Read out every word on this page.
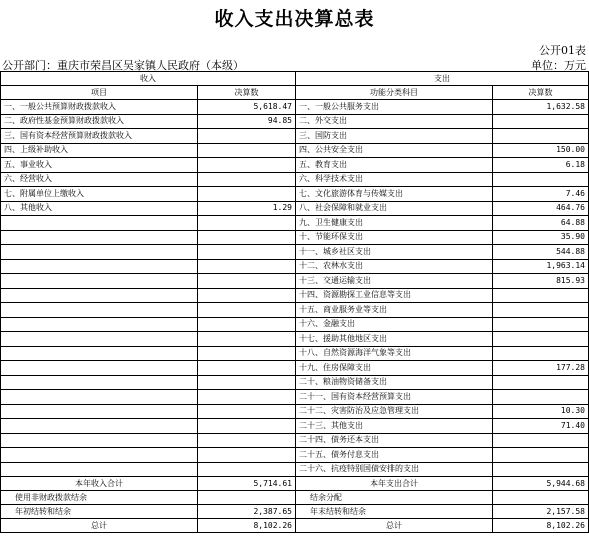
收入支出决算总表
公开01表
公开部门：重庆市荣昌区吴家镇人民政府（本级）	单位：万元
收入		支出	
项目	决算数	功能分类科目	决算数
一、一般公共预算财政拨款收入	5,618.47	一、一般公共服务支出	1,632.58
二、政府性基金预算财政拨款收入	94.85	二、外交支出	
三、国有资本经营预算财政拨款收入		三、国防支出	
四、上级补助收入		四、公共安全支出	150.00
五、事业收入		五、教育支出	6.18
六、经营收入		六、科学技术支出	
七、附属单位上缴收入		七、文化旅游体育与传媒支出	7.46
八、其他收入	1.29	八、社会保障和就业支出	464.76
		九、卫生健康支出	64.88
		十、节能环保支出	35.90
		十一、城乡社区支出	544.88
		十二、农林水支出	1,963.14
		十三、交通运输支出	815.93
		十四、资源勘探工业信息等支出	
		十五、商业服务业等支出	
		十六、金融支出	
		十七、援助其他地区支出	
		十八、自然资源海洋气象等支出	
		十九、住房保障支出	177.28
		二十、粮油物资储备支出	
		二十一、国有资本经营预算支出	
		二十二、灾害防治及应急管理支出	10.30
		二十三、其他支出	71.40
		二十四、债务还本支出	
		二十五、债务付息支出	
		二十六、抗疫特别国债安排的支出	
本年收入合计	5,714.61	本年支出合计	5,944.68
使用非财政拨款结余		结余分配	
年初结转和结余	2,387.65	年末结转和结余	2,157.58
总计	8,102.26	总计	8,102.26
